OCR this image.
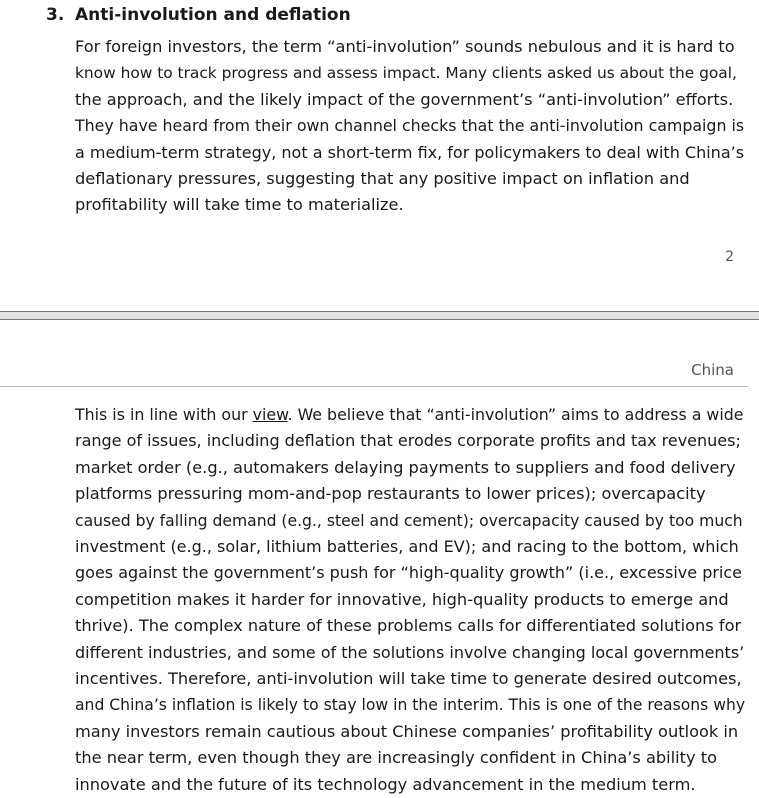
3. Anti-involution and deflation

For foreign investors, the term “anti-involution” sounds nebulous and it is hard to
know how to track progress and assess impact. Many clients asked us about the goal,
the approach, and the likely impact of the government’s “anti-involution” efforts.
They have heard from their own channel checks that the anti-involution campaign is
a medium-term strategy, not a short-term fix, for policymakers to deal with China’s
deflationary pressures, suggesting that any positive impact on inflation and
profitability will take time to materialize.

2
China

This is in line with our view. We believe that “anti-involution” aims to address a wide
range of issues, including deflation that erodes corporate profits and tax revenues;
market order (e.g., automakers delaying payments to suppliers and food delivery
platforms pressuring mom-and-pop restaurants to lower prices); overcapacity
caused by falling demand (e.g., steel and cement); overcapacity caused by too much
investment (e.g., solar, lithium batteries, and EV); and racing to the bottom, which
goes against the government’s push for “high-quality growth” (i.e., excessive price
competition makes it harder for innovative, high-quality products to emerge and
thrive). The complex nature of these problems calls for differentiated solutions for
different industries, and some of the solutions involve changing local governments’
incentives. Therefore, anti-involution will take time to generate desired outcomes,
and China’s inflation is likely to stay low in the interim. This is one of the reasons why
many investors remain cautious about Chinese companies’ profitability outlook in
the near term, even though they are increasingly confident in China’s ability to
innovate and the future of its technology advancement in the medium term.
